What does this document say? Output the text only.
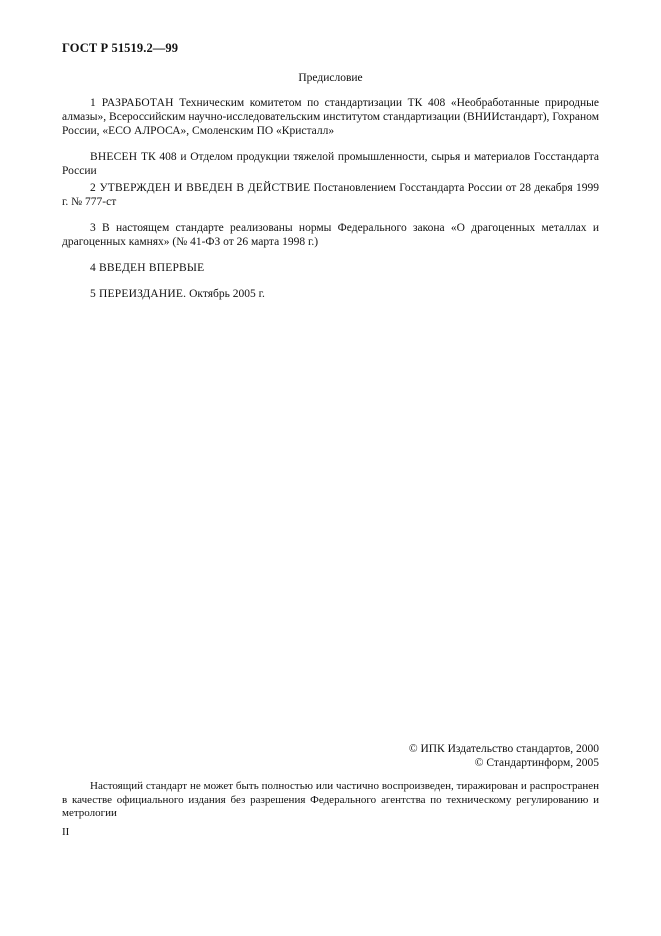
ГОСТ Р 51519.2—99
Предисловие

1 РАЗРАБОТАН Техническим комитетом по стандартизации ТК 408 «Необработанные природные алмазы», Всероссийским научно-исследовательским институтом стандартизации (ВНИИстандарт), Гохраном России, «ЕСО АЛРОСА», Смоленским ПО «Кристалл»

ВНЕСЕН ТК 408 и Отделом продукции тяжелой промышленности, сырья и материалов Госстандарта России

2 УТВЕРЖДЕН И ВВЕДЕН В ДЕЙСТВИЕ Постановлением Госстандарта России от 28 декабря 1999 г. № 777-ст

3 В настоящем стандарте реализованы нормы Федерального закона «О драгоценных металлах и драгоценных камнях» (№ 41-ФЗ от 26 марта 1998 г.)

4 ВВЕДЕН ВПЕРВЫЕ

5 ПЕРЕИЗДАНИЕ. Октябрь 2005 г.

© ИПК Издательство стандартов, 2000
© Стандартинформ, 2005

Настоящий стандарт не может быть полностью или частично воспроизведен, тиражирован и распространен в качестве официального издания без разрешения Федерального агентства по техническому регулированию и метрологии

II
